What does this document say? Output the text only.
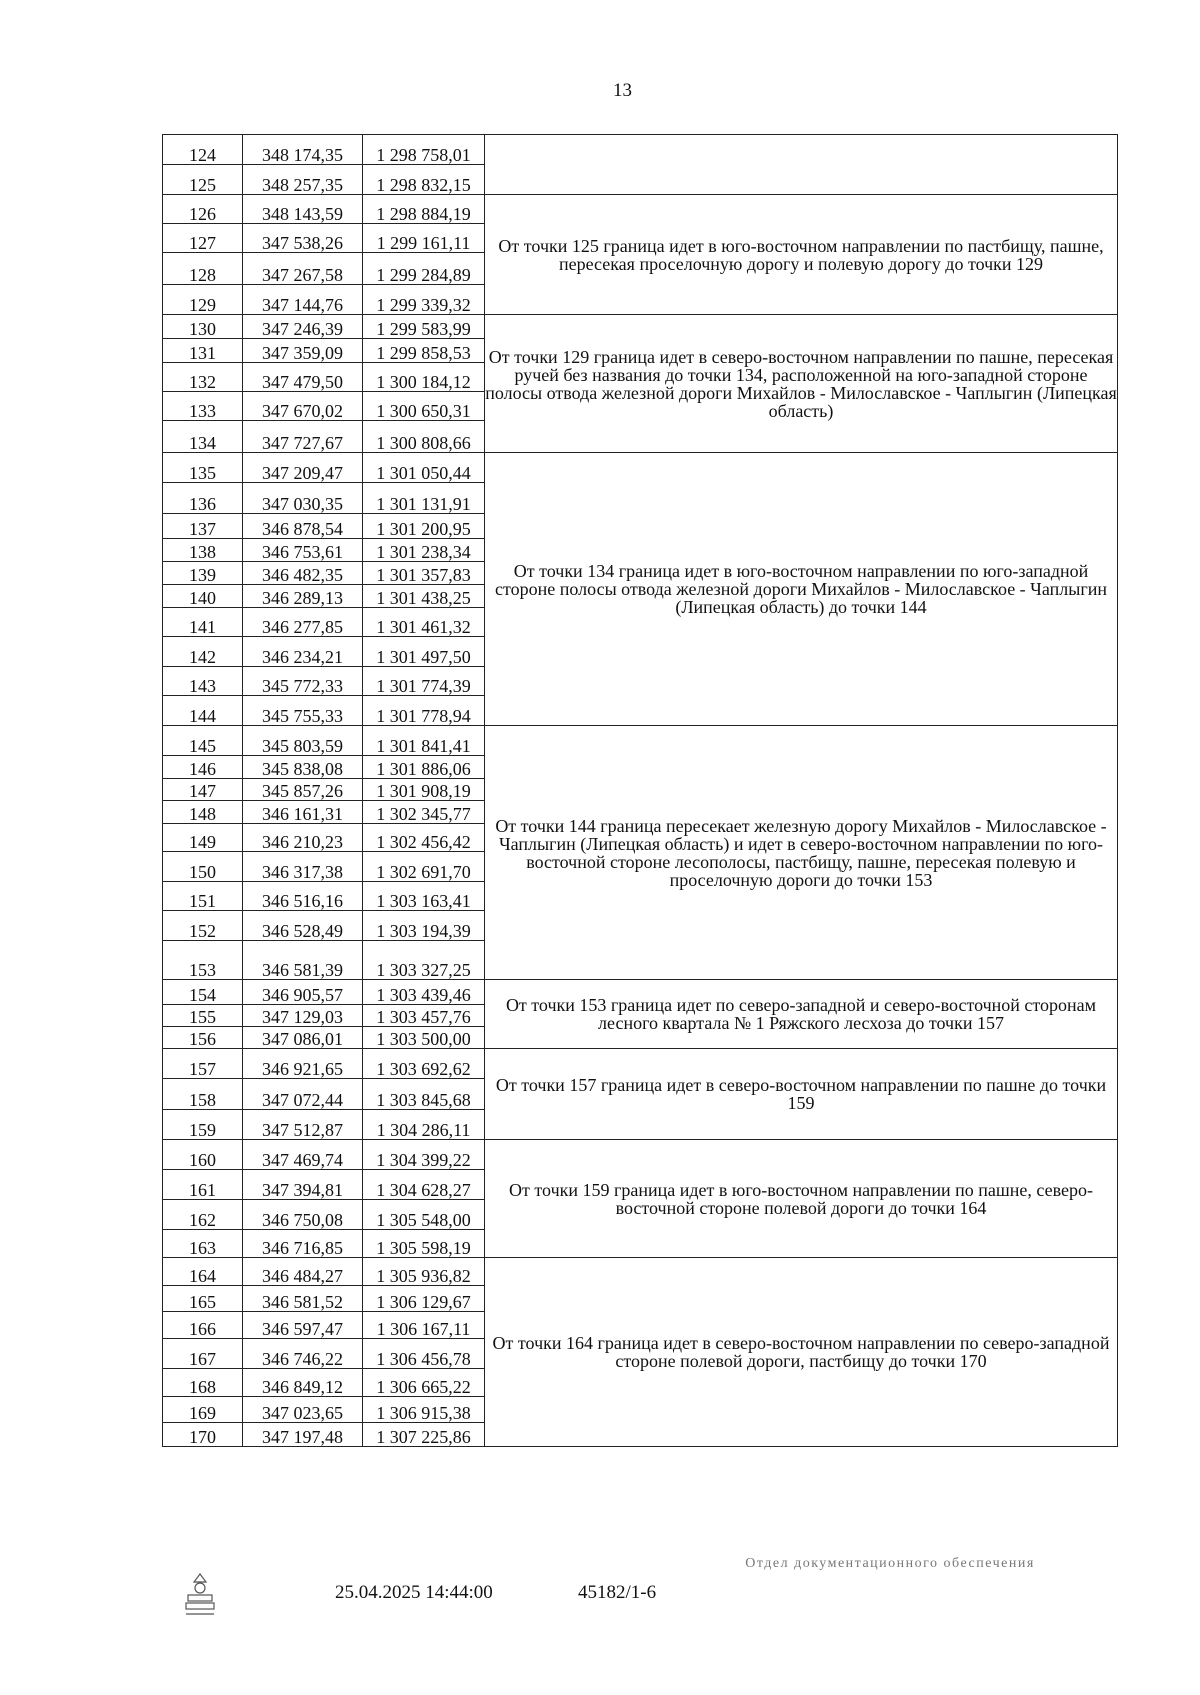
13
124	348 174,35	1 298 758,01	
125	348 257,35	1 298 832,15	
126	348 143,59	1 298 884,19	От точки 125 граница идет в юго-восточном направлении по пастбищу, пашне, пересекая проселочную дорогу и полевую дорогу до точки 129
127	347 538,26	1 299 161,11	
128	347 267,58	1 299 284,89	
129	347 144,76	1 299 339,32	
130	347 246,39	1 299 583,99	От точки 129 граница идет в северо-восточном направлении по пашне, пересекая ручей без названия до точки 134, расположенной на юго-западной стороне полосы отвода железной дороги Михайлов - Милославское - Чаплыгин (Липецкая область)
131	347 359,09	1 299 858,53	
132	347 479,50	1 300 184,12	
133	347 670,02	1 300 650,31	
134	347 727,67	1 300 808,66	
135	347 209,47	1 301 050,44	От точки 134 граница идет в юго-восточном направлении по юго-западной стороне полосы отвода железной дороги Михайлов - Милославское - Чаплыгин (Липецкая область) до точки 144
136	347 030,35	1 301 131,91	
137	346 878,54	1 301 200,95	
138	346 753,61	1 301 238,34	
139	346 482,35	1 301 357,83	
140	346 289,13	1 301 438,25	
141	346 277,85	1 301 461,32	
142	346 234,21	1 301 497,50	
143	345 772,33	1 301 774,39	
144	345 755,33	1 301 778,94	
145	345 803,59	1 301 841,41	От точки 144 граница пересекает железную дорогу Михайлов - Милославское - Чаплыгин (Липецкая область) и идет в северо-восточном направлении по юго-восточной стороне лесополосы, пастбищу, пашне, пересекая полевую и проселочную дороги до точки 153
146	345 838,08	1 301 886,06	
147	345 857,26	1 301 908,19	
148	346 161,31	1 302 345,77	
149	346 210,23	1 302 456,42	
150	346 317,38	1 302 691,70	
151	346 516,16	1 303 163,41	
152	346 528,49	1 303 194,39	
153	346 581,39	1 303 327,25	
154	346 905,57	1 303 439,46	От точки 153 граница идет по северо-западной и северо-восточной сторонам лесного квартала № 1 Ряжского лесхоза до точки 157
155	347 129,03	1 303 457,76	
156	347 086,01	1 303 500,00	
157	346 921,65	1 303 692,62	От точки 157 граница идет в северо-восточном направлении по пашне до точки 159
158	347 072,44	1 303 845,68	
159	347 512,87	1 304 286,11	
160	347 469,74	1 304 399,22	От точки 159 граница идет в юго-восточном направлении по пашне, северо-восточной стороне полевой дороги до точки 164
161	347 394,81	1 304 628,27	
162	346 750,08	1 305 548,00	
163	346 716,85	1 305 598,19	
164	346 484,27	1 305 936,82	От точки 164 граница идет в северо-восточном направлении по северо-западной стороне полевой дороги, пастбищу до точки 170
165	346 581,52	1 306 129,67	
166	346 597,47	1 306 167,11	
167	346 746,22	1 306 456,78	
168	346 849,12	1 306 665,22	
169	347 023,65	1 306 915,38	
170	347 197,48	1 307 225,86	
25.04.2025 14:44:00	45182/1-6
Отдел документационного обеспечения
